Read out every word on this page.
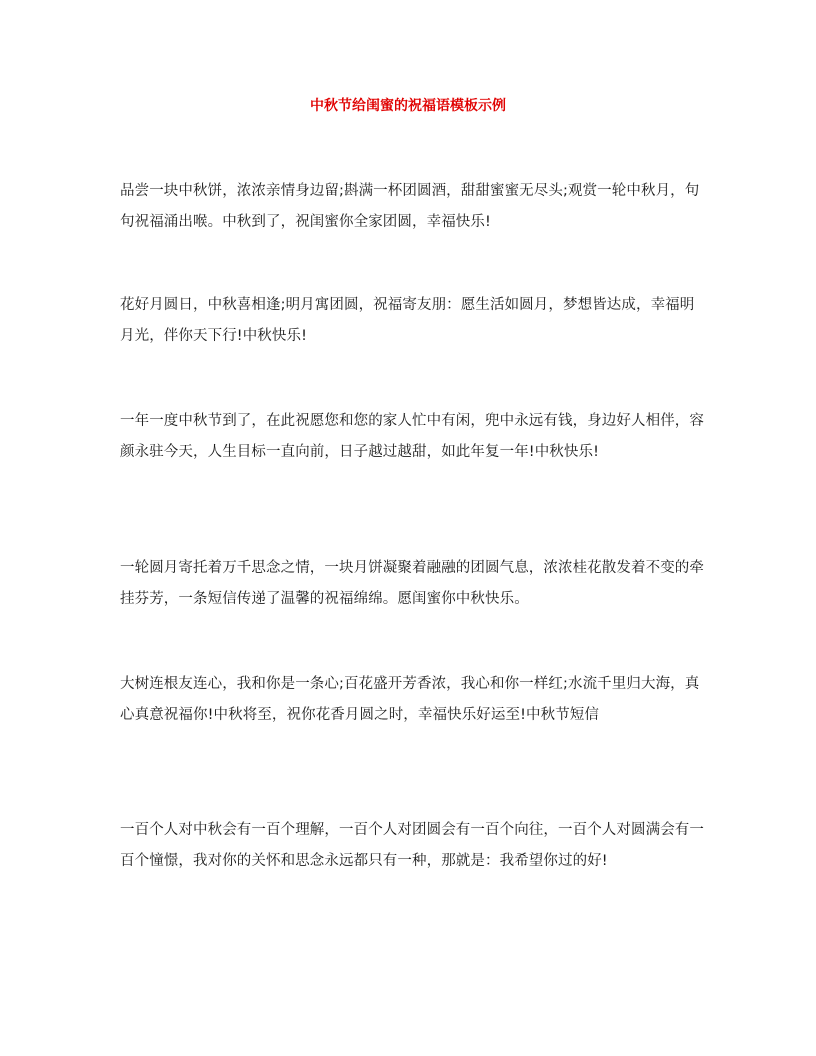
中秋节给闺蜜的祝福语模板示例

品尝一块中秋饼，浓浓亲情身边留;斟满一杯团圆酒，甜甜蜜蜜无尽头;观赏一轮中秋月，句句祝福涌出喉。中秋到了，祝闺蜜你全家团圆，幸福快乐!

花好月圆日，中秋喜相逢;明月寓团圆，祝福寄友朋：愿生活如圆月，梦想皆达成，幸福明月光，伴你天下行!中秋快乐!

一年一度中秋节到了，在此祝愿您和您的家人忙中有闲，兜中永远有钱，身边好人相伴，容颜永驻今天，人生目标一直向前，日子越过越甜，如此年复一年!中秋快乐!

一轮圆月寄托着万千思念之情，一块月饼凝聚着融融的团圆气息，浓浓桂花散发着不变的牵挂芬芳，一条短信传递了温馨的祝福绵绵。愿闺蜜你中秋快乐。

大树连根友连心，我和你是一条心;百花盛开芳香浓，我心和你一样红;水流千里归大海，真心真意祝福你!中秋将至，祝你花香月圆之时，幸福快乐好运至!中秋节短信

一百个人对中秋会有一百个理解，一百个人对团圆会有一百个向往，一百个人对圆满会有一百个憧憬，我对你的关怀和思念永远都只有一种，那就是：我希望你过的好!
